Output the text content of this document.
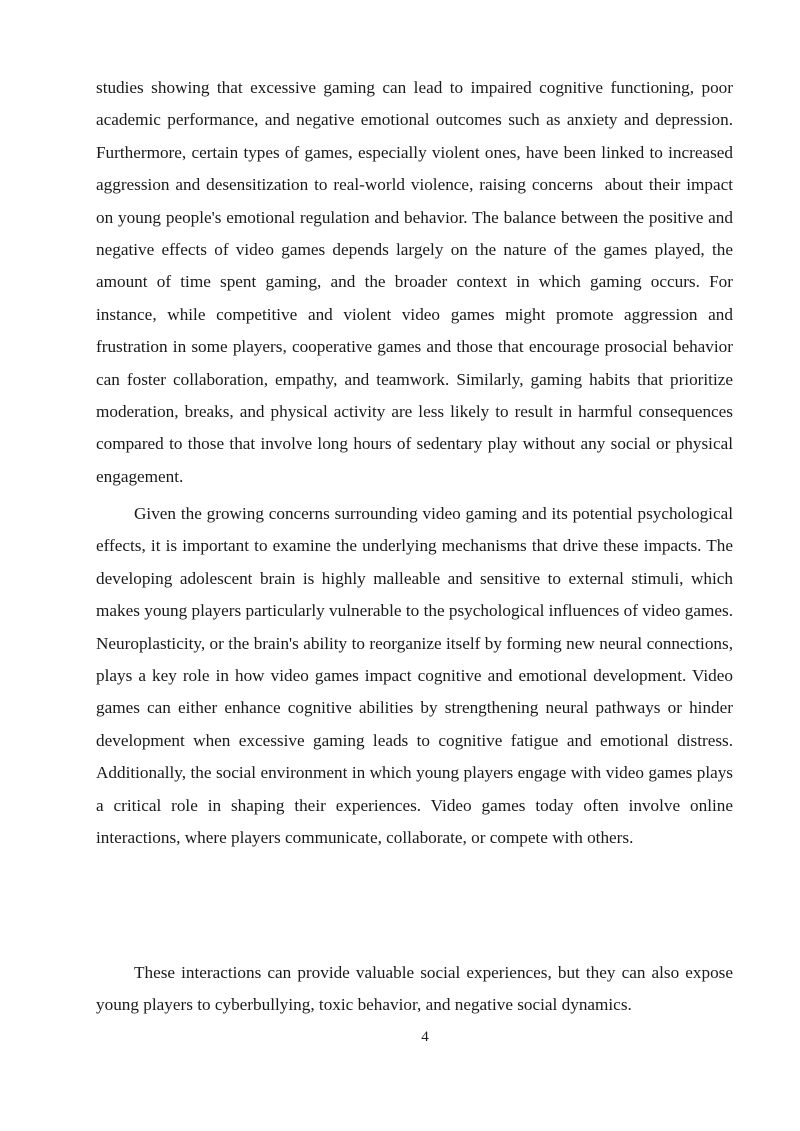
studies showing that excessive gaming can lead to impaired cognitive functioning, poor academic performance, and negative emotional outcomes such as anxiety and depression. Furthermore, certain types of games, especially violent ones, have been linked to increased aggression and desensitization to real-world violence, raising concerns  about their impact on young people's emotional regulation and behavior. The balance between the positive and negative effects of video games depends largely on the nature of the games played, the amount of time spent gaming, and the broader context in which gaming occurs. For instance, while competitive and violent video games might promote aggression and frustration in some players, cooperative games and those that encourage prosocial behavior can foster collaboration, empathy, and teamwork. Similarly, gaming habits that prioritize moderation, breaks, and physical activity are less likely to result in harmful consequences compared to those that involve long hours of sedentary play without any social or physical engagement.

Given the growing concerns surrounding video gaming and its potential psychological effects, it is important to examine the underlying mechanisms that drive these impacts. The developing adolescent brain is highly malleable and sensitive to external stimuli, which makes young players particularly vulnerable to the psychological influences of video games. Neuroplasticity, or the brain's ability to reorganize itself by forming new neural connections, plays a key role in how video games impact cognitive and emotional development. Video games can either enhance cognitive abilities by strengthening neural pathways or hinder development when excessive gaming leads to cognitive fatigue and emotional distress. Additionally, the social environment in which young players engage with video games plays a critical role in shaping their experiences. Video games today often involve online interactions, where players communicate, collaborate, or compete with others.

These interactions can provide valuable social experiences, but they can also expose young players to cyberbullying, toxic behavior, and negative social dynamics.

4
